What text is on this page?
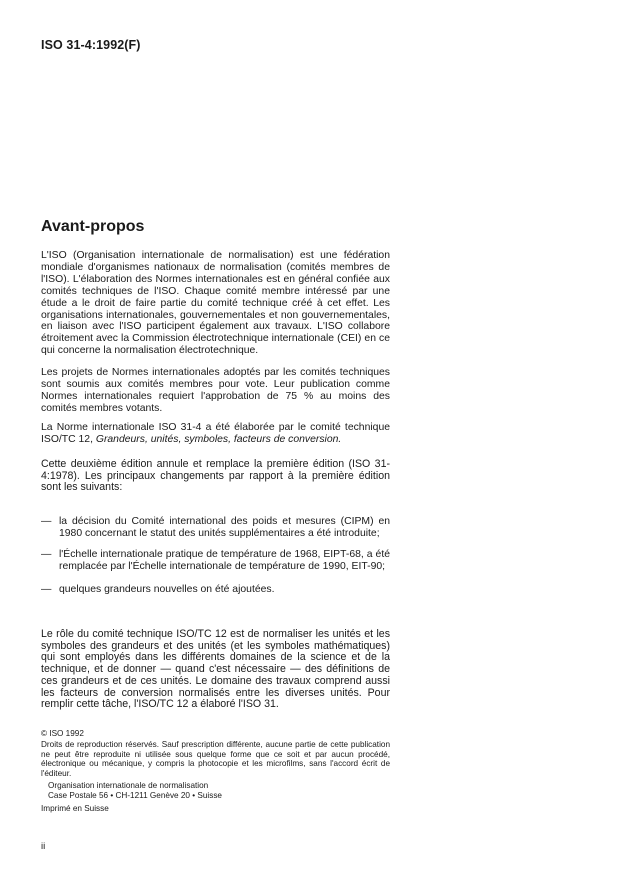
ISO 31-4:1992(F)
Avant-propos

L'ISO (Organisation internationale de normalisation) est une fédération mondiale d'organismes nationaux de normalisation (comités membres de l'ISO). L'élaboration des Normes internationales est en général confiée aux comités techniques de l'ISO. Chaque comité membre intéressé par une étude a le droit de faire partie du comité technique créé à cet effet. Les organisations internationales, gouvernementales et non gouvernementales, en liaison avec l'ISO participent également aux travaux. L'ISO collabore étroitement avec la Commission électrotechnique internationale (CEI) en ce qui concerne la normalisation électrotechnique.

Les projets de Normes internationales adoptés par les comités techniques sont soumis aux comités membres pour vote. Leur publication comme Normes internationales requiert l'approbation de 75 % au moins des comités membres votants.

La Norme internationale ISO 31-4 a été élaborée par le comité technique ISO/TC 12, Grandeurs, unités, symboles, facteurs de conversion.

Cette deuxième édition annule et remplace la première édition (ISO 31-4:1978). Les principaux changements par rapport à la première édition sont les suivants:

— la décision du Comité international des poids et mesures (CIPM) en 1980 concernant le statut des unités supplémentaires a été introduite;
— l'Échelle internationale pratique de température de 1968, EIPT-68, a été remplacée par l'Échelle internationale de température de 1990, EIT-90;
— quelques grandeurs nouvelles on été ajoutées.

Le rôle du comité technique ISO/TC 12 est de normaliser les unités et les symboles des grandeurs et des unités (et les symboles mathématiques) qui sont employés dans les différents domaines de la science et de la technique, et de donner — quand c'est nécessaire — des définitions de ces grandeurs et de ces unités. Le domaine des travaux comprend aussi les facteurs de conversion normalisés entre les diverses unités. Pour remplir cette tâche, l'ISO/TC 12 a élaboré l'ISO 31.

© ISO 1992

Droits de reproduction réservés. Sauf prescription différente, aucune partie de cette publication ne peut être reproduite ni utilisée sous quelque forme que ce soit et par aucun procédé, électronique ou mécanique, y compris la photocopie et les microfilms, sans l'accord écrit de l'éditeur.

Organisation internationale de normalisation
Case Postale 56 • CH-1211 Genève 20 • Suisse
Imprimé en Suisse
ii
